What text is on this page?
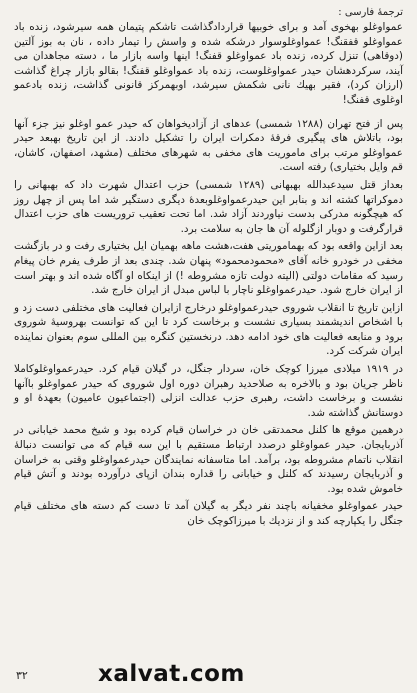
ترجمهٔ فارسی :

عمواوغلو بهخوی آمد و برای خوبیها قراردادگذاشت تاشکم پتیمان همه سیرشود، زنده باد عمواوغلو قفقنگ! عمواوغلوسوار درشکه شده و واسش را تیمار داده ، نان به بوز آلتین (دوقاهی) تنزل کرده، زنده باد عمواوغلو قفنگ! اینها واسه بازار ما ، دسته مجاهدان می آیند، سرکردهشان حیدر عمواوغلوست، زنده باد عمواوغلو قفنگ! بقالو بازار چراغ گذاشت (ارزان کرد)، فقیر بهیك نانی شکمش سیرشد، اوبهمرکز قانونی گذاشت، زنده بادعمو اوغلوی قفنگ!

پس از فتح تهران (۱۲۸۸ شمسی) عدهای از آزادیخواهان که حیدر عمو اوغلو نیز جزء آنها بود، باتلاش های پیگیری فرقهٔ دمکرات ایران را تشکیل دادند. از این تاریخ بهبعد حیدر عمواوغلو مرتب برای ماموریت های مخفی به شهرهای مختلف (مشهد، اصفهان، کاشان، قم وایل بختیاری) رفته است.

بعداز قتل سیدعبدالله بهبهانی (۱۲۸۹ شمسی) حزب اعتدال شهرت داد که بهبهانی را دموکراتها کشته اند و بنابر این حیدرعمواوغلوبعدهٔ دیگری دستگیر شد اما پس از چهل روز که هیچگونه مدرکی بدست نیاوردند آزاد شد. اما تحت تعقیب تروریست های حزب اعتدال قرارگرفت و دوبار ازگلوله آن ها جان به سلامت برد.

بعد ازاین واقعه بود که بهماموریتی هفت،هشت ماهه بهمیان ایل بختیاری رفت و در بازگشت مخفی در خودرو خانه آقای «محمودمحمود» پنهان شد. چندی بعد از طرف یفرم خان پیغام رسید که مقامات دولتی (الیته دولت تازه مشروطه !) از اینکاه او آگاه شده اند و بهتر است از ایران خارج شود. حیدرعمواوغلو ناچار با لباس مبدل از ایران خارج شد.

ازاین تاریخ تا انقلاب شوروی حیدرعمواوغلو درخارج ازایران فعالیت های مختلفی دست زد و با اشخاص اندیشمند بسیاری نشست و برخاست کرد تا این که توانست بهروسیهٔ شوروی برود و منابعه فعالیت های خود ادامه دهد. درنخستین کنگره بین المللی سوم بعنوان نماینده ایران شرکت کرد.

در ۱۹۱۹ میلادی میرزا کوچک خان، سردار جنگل، در گیلان قیام کرد. حیدرعمواوغلوکاملا ناظر جریان بود و بالاخره به صلاحدید رهبران دوره اول شوروی که حیدر عمواوغلو باآنها نشست و برخاست داشت، رهبری حزب عدالت انزلی (اجتماعیون عامیون) بعهدهٔ او و دوستانش گذاشته شد.

درهمین موقع ها کلنل محمدتقی خان در خراسان قیام کرده بود و شیخ محمد خیابانی در آذربایجان. حیدر عمواوغلو درصدد ارتباط مستقیم با این سه قیام که می توانست دنبالهٔ انقلاب ناتمام مشروطه بود، برآمد. اما متاسفانه نمایندگان حیدرعمواوغلو وقتی به خراسان و آذربایجان رسیدند که کلنل و خیابانی را قداره بندان ازپای درآورده بودند و آتش قیام خاموش شده بود.

حیدر عمواوغلو مخفیانه باچند نفر دیگر به گیلان آمد تا دست کم دسته های مختلف قیام جنگل را یکپارچه کند و از نزدیك با میرزاکوچک خان

xalvat.com
۳۲
